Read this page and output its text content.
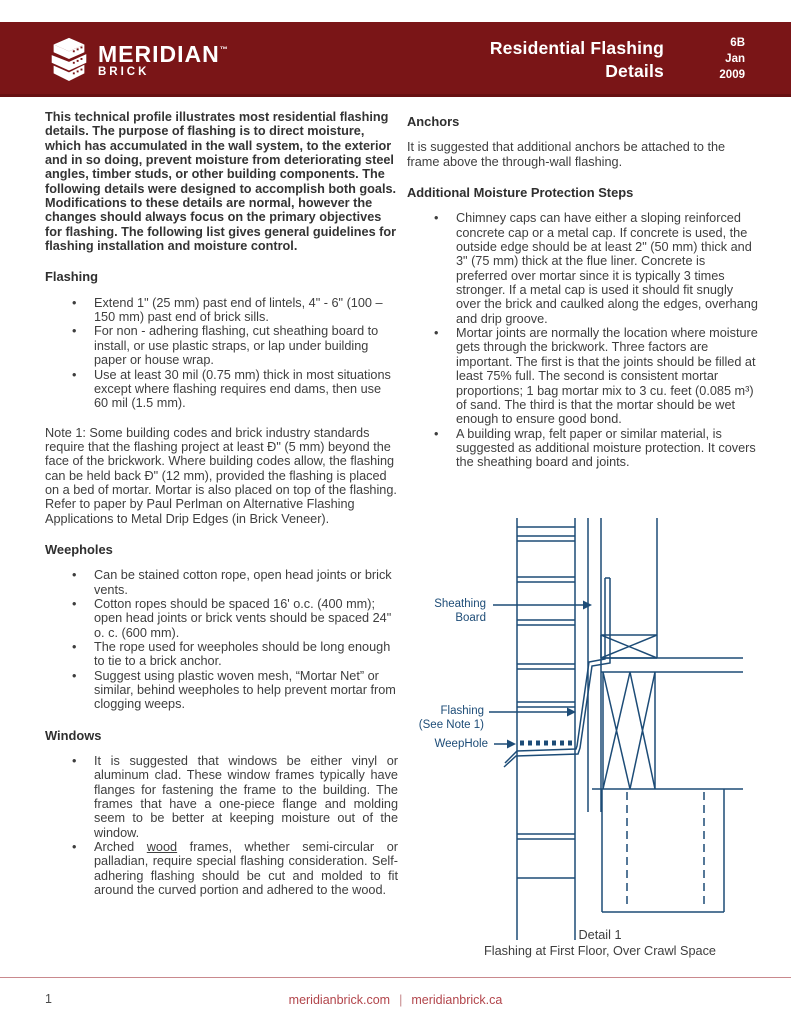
MERIDIAN™
BRICK
Residential Flashing
Details
6B
Jan
2009

This technical profile illustrates most residential flashing details. The purpose of flashing is to direct moisture, which has accumulated in the wall system, to the exterior and in so doing, prevent moisture from deteriorating steel angles, timber studs, or other building components. The following details were designed to accomplish both goals. Modifications to these details are normal, however the changes should always focus on the primary objectives for flashing. The following list gives general guidelines for flashing installation and moisture control.

Flashing
•	Extend 1" (25 mm) past end of lintels, 4" - 6" (100 – 150 mm) past end of brick sills.
•	For non - adhering flashing, cut sheathing board to install, or use plastic straps, or lap under building paper or house wrap.
•	Use at least 30 mil (0.75 mm) thick in most situations except where flashing requires end dams, then use 60 mil (1.5 mm).

Note 1: Some building codes and brick industry standards require that the flashing project at least Ð" (5 mm) beyond the face of the brickwork. Where building codes allow, the flashing can be held back Ð" (12 mm), provided the flashing is placed on a bed of mortar. Mortar is also placed on top of the flashing. Refer to paper by Paul Perlman on Alternative Flashing Applications to Metal Drip Edges (in Brick Veneer).

Weepholes
•	Can be stained cotton rope, open head joints or brick vents.
•	Cotton ropes should be spaced 16' o.c. (400 mm); open head joints or brick vents should be spaced 24" o. c. (600 mm).
•	The rope used for weepholes should be long enough to tie to a brick anchor.
•	Suggest using plastic woven mesh, “Mortar Net” or similar, behind weepholes to help prevent mortar from clogging weeps.
Windows
•	It is suggested that windows be either vinyl or aluminum clad. These window frames typically have flanges for fastening the frame to the building. The frames that have a one-piece flange and molding seem to be better at keeping moisture out of the window.
•	Arched wood frames, whether semi-circular or palladian, require special flashing consideration. Self-adhering flashing should be cut and molded to fit around the curved portion and adhered to the wood.
Anchors

It is suggested that additional anchors be attached to the frame above the through-wall flashing.

Additional Moisture Protection Steps
•	Chimney caps can have either a sloping reinforced concrete cap or a metal cap. If concrete is used, the outside edge should be at least 2" (50 mm) thick and 3" (75 mm) thick at the flue liner. Concrete is preferred over mortar since it is typically 3 times stronger. If a metal cap is used it should fit snugly over the brick and caulked along the edges, overhang and drip groove.
•	Mortar joints are normally the location where moisture gets through the brickwork. Three factors are important. The first is that the joints should be filled at least 75% full. The second is consistent mortar proportions; 1 bag mortar mix to 3 cu. feet (0.085 m³) of sand. The third is that the mortar should be wet enough to ensure good bond.
•	A building wrap, felt paper or similar material, is suggested as additional moisture protection. It covers the sheathing board and joints.
Sheathing
Board
Flashing
(See Note 1)
WeepHole
Detail 1
Flashing at First Floor, Over Crawl Space
1	meridianbrick.com | meridianbrick.ca
